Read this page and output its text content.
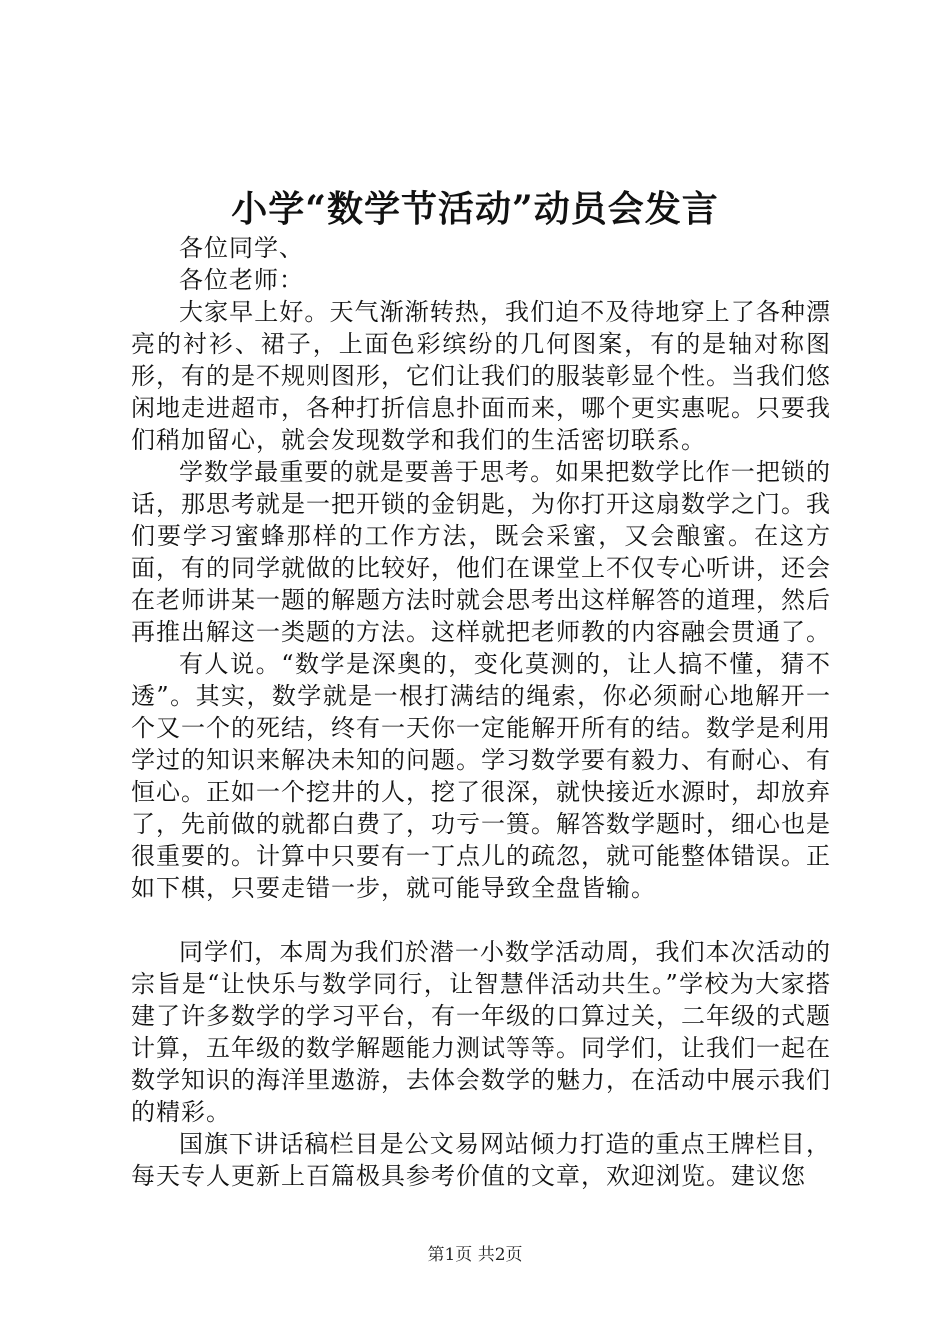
小学“数学节活动”动员会发言

各位同学、

各位老师：

大家早上好。天气渐渐转热，我们迫不及待地穿上了各种漂亮的衬衫、裙子，上面色彩缤纷的几何图案，有的是轴对称图形，有的是不规则图形，它们让我们的服装彰显个性。当我们悠闲地走进超市，各种打折信息扑面而来，哪个更实惠呢。只要我们稍加留心，就会发现数学和我们的生活密切联系。

学数学最重要的就是要善于思考。如果把数学比作一把锁的话，那思考就是一把开锁的金钥匙，为你打开这扇数学之门。我们要学习蜜蜂那样的工作方法，既会采蜜，又会酿蜜。在这方面，有的同学就做的比较好，他们在课堂上不仅专心听讲，还会在老师讲某一题的解题方法时就会思考出这样解答的道理，然后再推出解这一类题的方法。这样就把老师教的内容融会贯通了。

有人说。“数学是深奥的，变化莫测的，让人搞不懂，猜不透”。其实，数学就是一根打满结的绳索，你必须耐心地解开一个又一个的死结，终有一天你一定能解开所有的结。数学是利用学过的知识来解决未知的问题。学习数学要有毅力、有耐心、有恒心。正如一个挖井的人，挖了很深，就快接近水源时，却放弃了，先前做的就都白费了，功亏一篑。解答数学题时，细心也是很重要的。计算中只要有一丁点儿的疏忽，就可能整体错误。正如下棋，只要走错一步，就可能导致全盘皆输。

同学们，本周为我们於潜一小数学活动周，我们本次活动的宗旨是“让快乐与数学同行，让智慧伴活动共生。”学校为大家搭建了许多数学的学习平台，有一年级的口算过关，二年级的式题计算，五年级的数学解题能力测试等等。同学们，让我们一起在数学知识的海洋里遨游，去体会数学的魅力，在活动中展示我们的精彩。

国旗下讲话稿栏目是公文易网站倾力打造的重点王牌栏目，每天专人更新上百篇极具参考价值的文章，欢迎浏览。建议您

第1页 共2页
